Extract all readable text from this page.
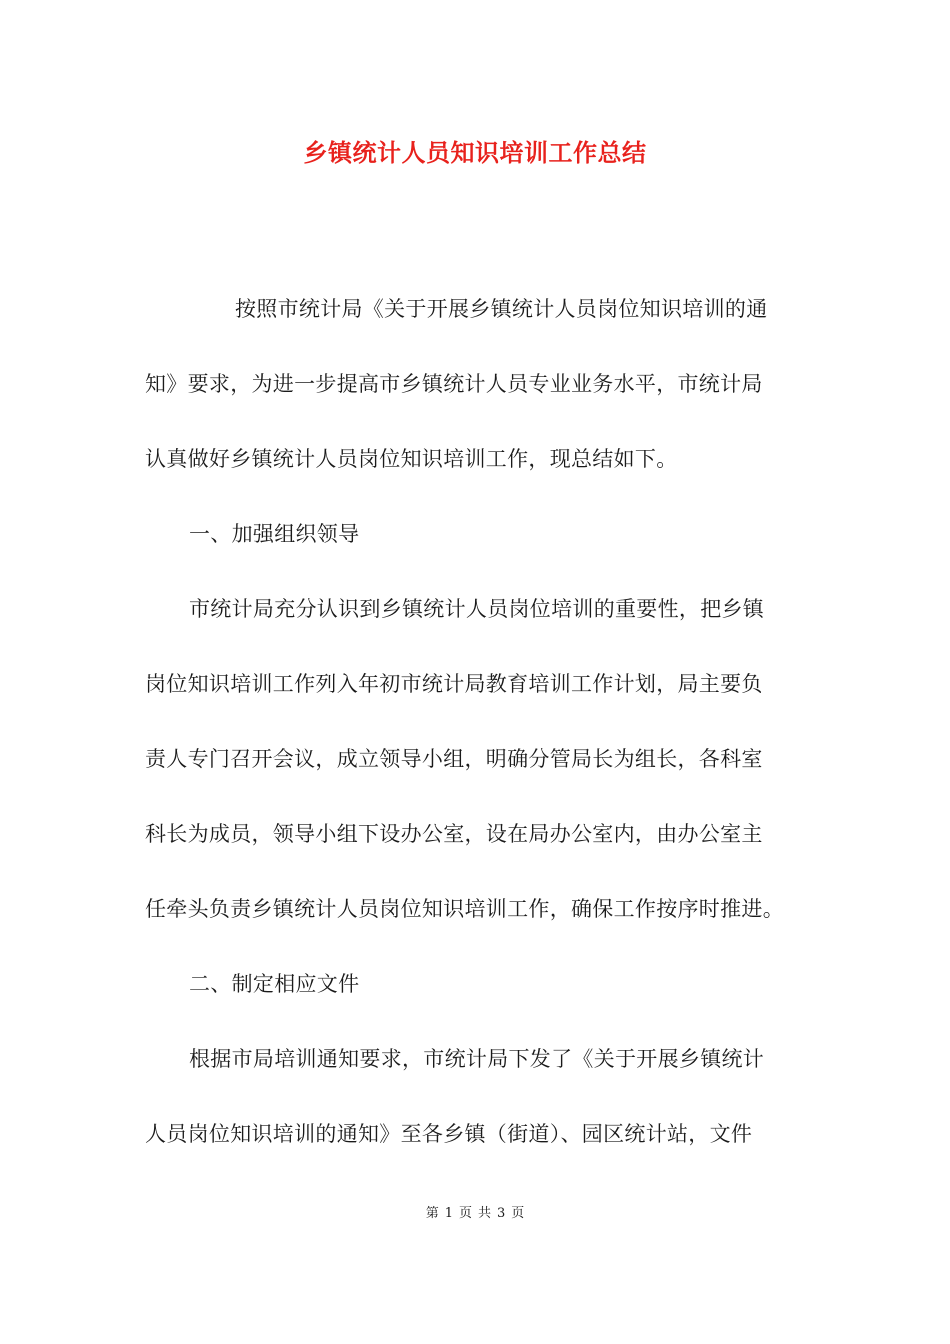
乡镇统计人员知识培训工作总结
按照市统计局《关于开展乡镇统计人员岗位知识培训的通
知》要求，为进一步提高市乡镇统计人员专业业务水平，市统计局
认真做好乡镇统计人员岗位知识培训工作，现总结如下。
一、加强组织领导
市统计局充分认识到乡镇统计人员岗位培训的重要性，把乡镇
岗位知识培训工作列入年初市统计局教育培训工作计划，局主要负
责人专门召开会议，成立领导小组，明确分管局长为组长，各科室
科长为成员，领导小组下设办公室，设在局办公室内，由办公室主
任牵头负责乡镇统计人员岗位知识培训工作，确保工作按序时推进。
二、制定相应文件
根据市局培训通知要求，市统计局下发了《关于开展乡镇统计
人员岗位知识培训的通知》至各乡镇（街道）、园区统计站，文件
第 1 页 共 3 页
